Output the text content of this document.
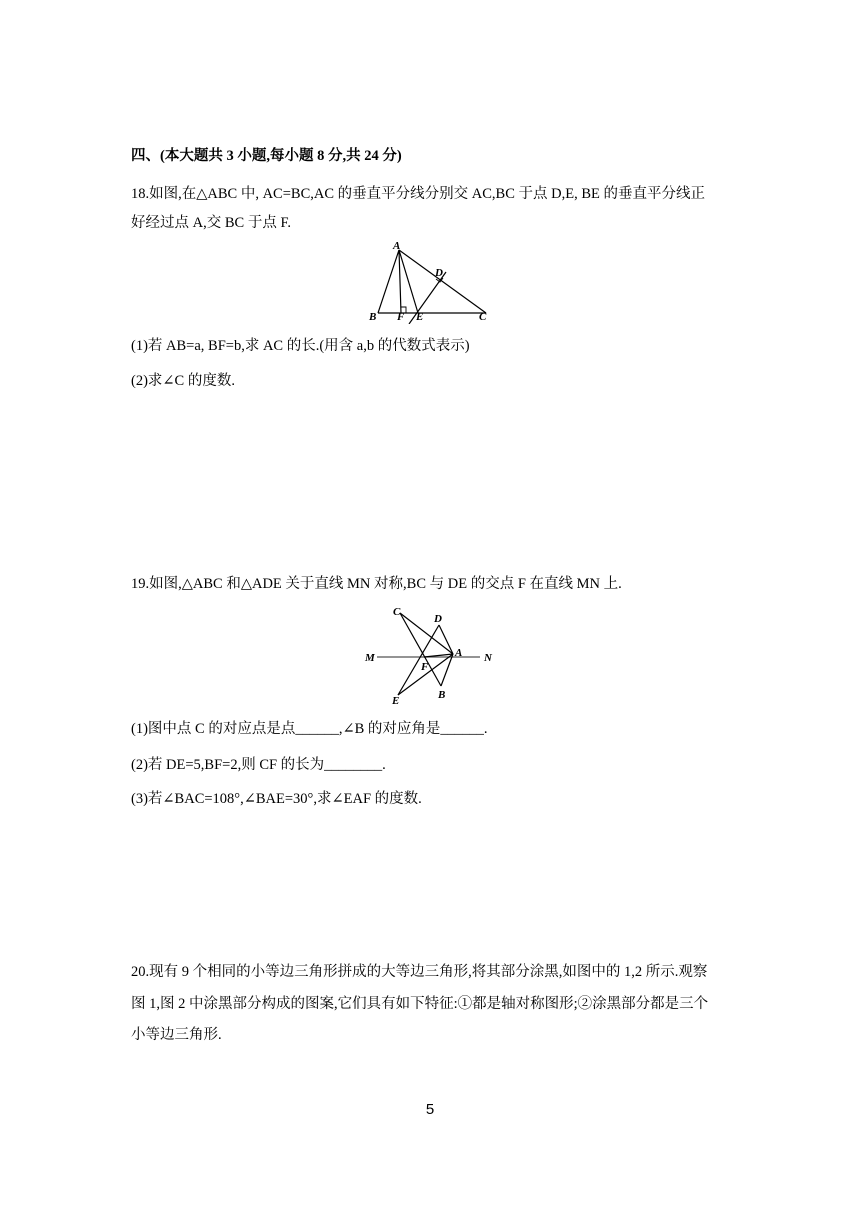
四、(本大题共 3 小题,每小题 8 分,共 24 分)
18.如图,在△ABC 中, AC=BC,AC 的垂直平分线分别交 AC,BC 于点 D,E, BE 的垂直平分线正
好经过点 A,交 BC 于点 F.
A
B	C
D
E
F
(1)若 AB=a, BF=b,求 AC 的长.(用含 a,b 的代数式表示)
(2)求∠C 的度数.
19.如图,△ABC 和△ADE 关于直线 MN 对称,BC 与 DE 的交点 F 在直线 MN 上.
C
D
M
F
A N
E	B
(1)图中点 C 的对应点是点______,∠B 的对应角是______.
(2)若 DE=5,BF=2,则 CF 的长为________.
(3)若∠BAC=108°,∠BAE=30°,求∠EAF 的度数.
20.现有 9 个相同的小等边三角形拼成的大等边三角形,将其部分涂黑,如图中的 1,2 所示.观察
图 1,图 2 中涂黑部分构成的图案,它们具有如下特征:①都是轴对称图形;②涂黑部分都是三个
小等边三角形.
5
